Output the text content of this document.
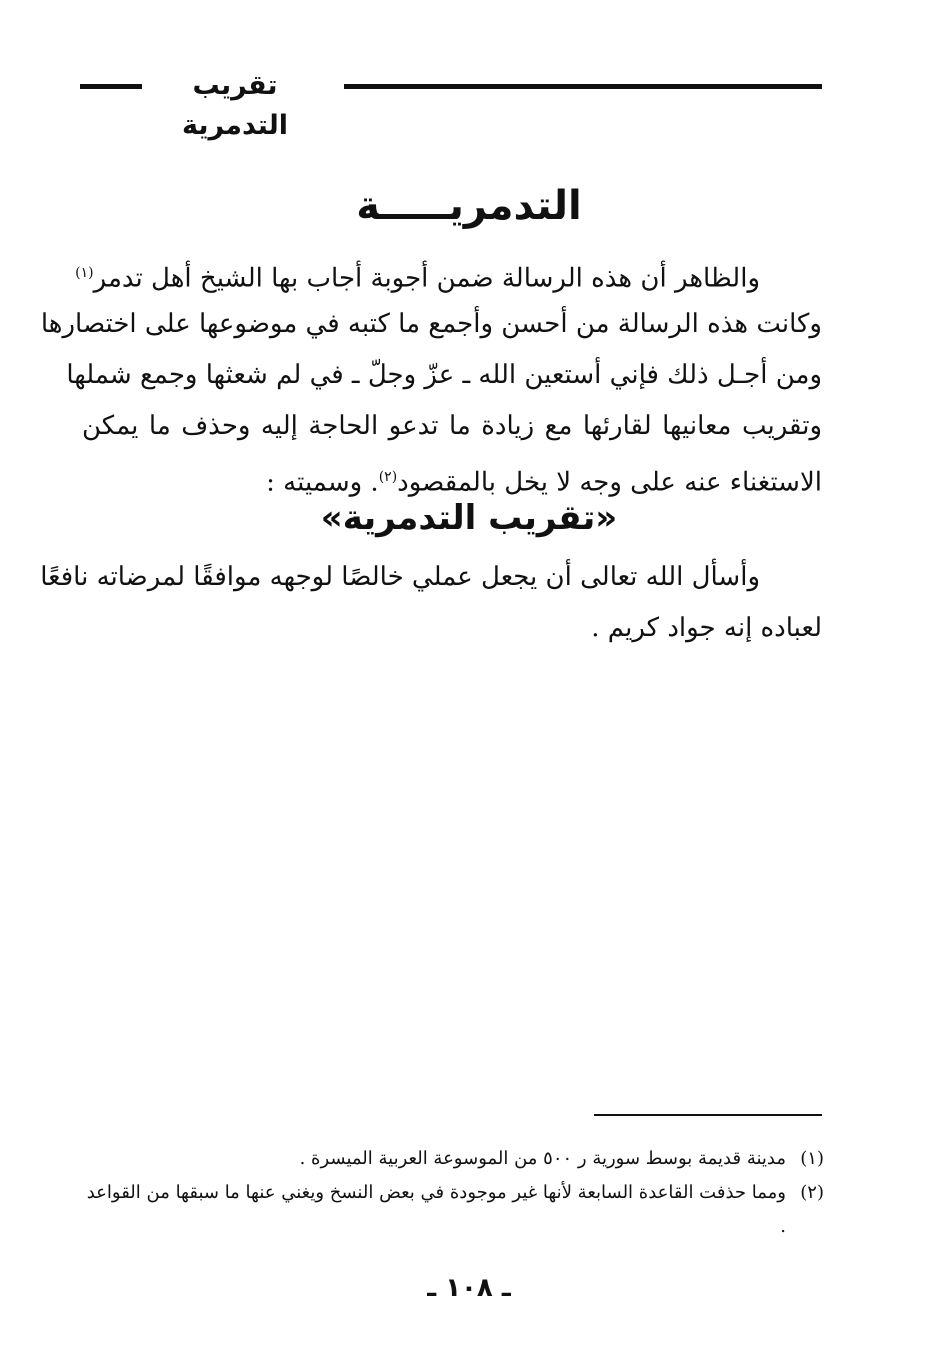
تقريب التدمرية
التدمريـــــة
والظاهر أن هذه الرسالة ضمن أجوبة أجاب بها الشيخ أهل تدمر$^{(١)}$
وكانت هذه الرسالة من أحسن وأجمع ما كتبه في موضوعها على اختصارها
ومن أجـل ذلك فإني أستعين الله ـ عزّ وجلّ ـ في لم شعثها وجمع شملها
وتقريب معانيها لقارئها مع زيادة ما تدعو الحاجة إليه وحذف ما يمكن
الاستغناء عنه على وجه لا يخل بالمقصود$^{(٢)}$. وسميته :
«تقريب التدمرية»
وأسأل الله تعالى أن يجعل عملي خالصًا لوجهه موافقًا لمرضاته نافعًا
لعباده إنه جواد كريم .
(١)
مدينة قديمة بوسط سورية ر ٥٠٠ من الموسوعة العربية الميسرة .
(٢)
ومما حذفت القاعدة السابعة لأنها غير موجودة في بعض النسخ ويغني عنها ما سبقها من القواعد .
ـ ١٠٨ ـ
